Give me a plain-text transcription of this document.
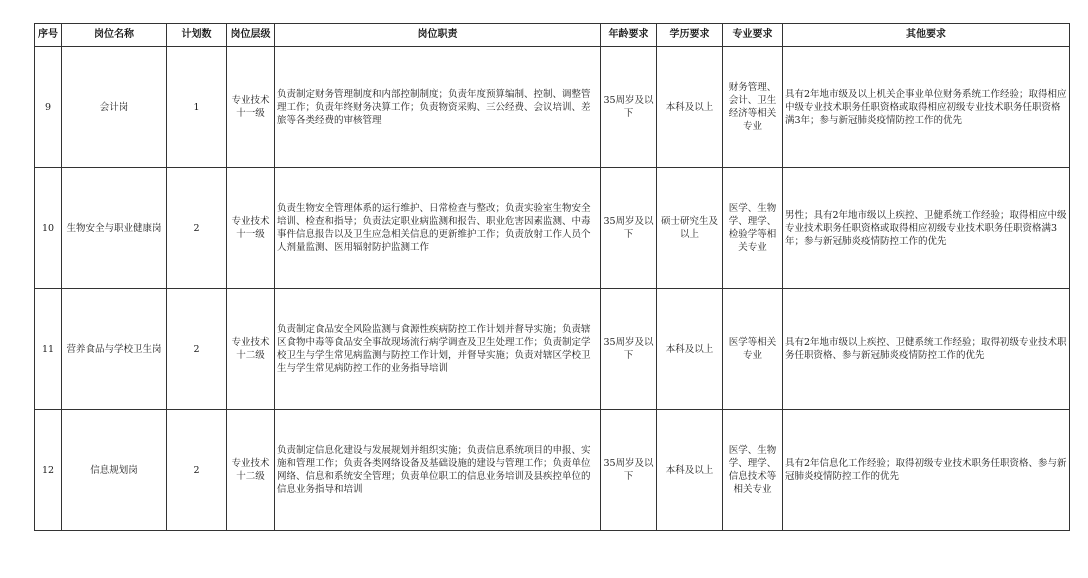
序号	岗位名称	计划数	岗位层级	岗位职责	年龄要求	学历要求	专业要求	其他要求
9	会计岗	1	专业技术十一级	负责制定财务管理制度和内部控制制度；负责年度预算编制、控制、调整管理工作；负责年终财务决算工作；负责物资采购、三公经费、会议培训、差旅等各类经费的审核管理	35周岁及以下	本科及以上	财务管理、会计、卫生经济等相关专业	具有2年地市级及以上机关企事业单位财务系统工作经验；取得相应中级专业技术职务任职资格或取得相应初级专业技术职务任职资格满3年；参与新冠肺炎疫情防控工作的优先
10	生物安全与职业健康岗	2	专业技术十一级	负责生物安全管理体系的运行维护、日常检查与整改；负责实验室生物安全培训、检查和指导；负责法定职业病监测和报告、职业危害因素监测、中毒事件信息报告以及卫生应急相关信息的更新维护工作；负责放射工作人员个人剂量监测、医用辐射防护监测工作	35周岁及以下	硕士研究生及以上	医学、生物学、理学、检验学等相关专业	男性；具有2年地市级以上疾控、卫健系统工作经验；取得相应中级专业技术职务任职资格或取得相应初级专业技术职务任职资格满3年；参与新冠肺炎疫情防控工作的优先
11	营养食品与学校卫生岗	2	专业技术十二级	负责制定食品安全风险监测与食源性疾病防控工作计划并督导实施；负责辖区食物中毒等食品安全事故现场流行病学调查及卫生处理工作；负责制定学校卫生与学生常见病监测与防控工作计划，并督导实施；负责对辖区学校卫生与学生常见病防控工作的业务指导培训	35周岁及以下	本科及以上	医学等相关专业	具有2年地市级以上疾控、卫健系统工作经验；取得初级专业技术职务任职资格、参与新冠肺炎疫情防控工作的优先
12	信息规划岗	2	专业技术十二级	负责制定信息化建设与发展规划并组织实施；负责信息系统项目的申报、实施和管理工作；负责各类网络设备及基础设施的建设与管理工作；负责单位网络、信息和系统安全管理；负责单位职工的信息业务培训及县疾控单位的信息业务指导和培训	35周岁及以下	本科及以上	医学、生物学、理学、信息技术等相关专业	具有2年信息化工作经验；取得初级专业技术职务任职资格、参与新冠肺炎疫情防控工作的优先
